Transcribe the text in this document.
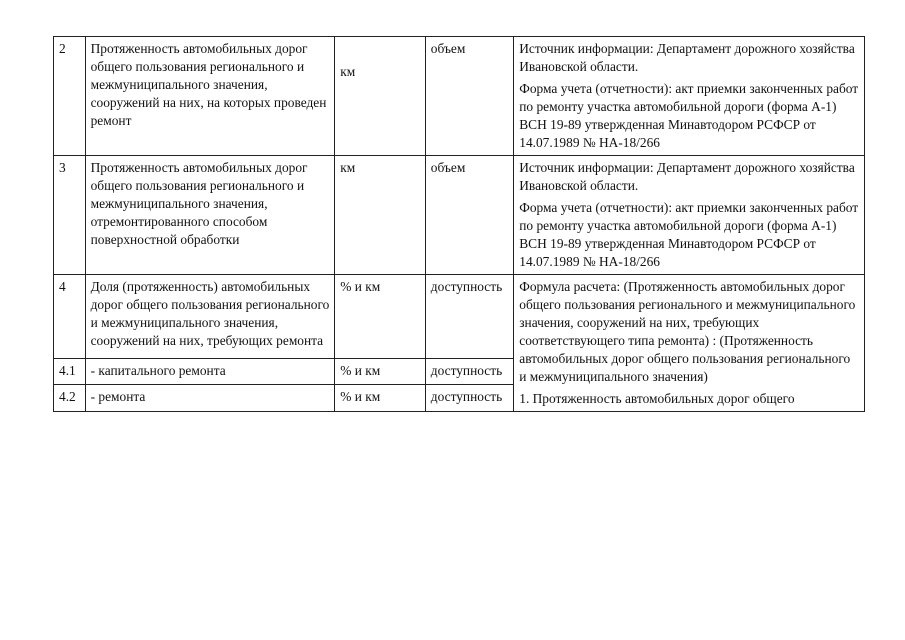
2	Протяженность автомобильных дорог общего пользования регионального и межмуниципального значения, сооружений на них, на которых проведен ремонт	км	объем	Источник информации: Департамент дорожного хозяйства Ивановской области.

Форма учета (отчетности): акт приемки законченных работ по ремонту участка автомобильной дороги (форма А-1) ВСН 19-89 утвержденная Минавтодором РСФСР от 14.07.1989 № НА-18/266

3	Протяженность автомобильных дорог общего пользования регионального и межмуниципального значения, отремонтированного способом поверхностной обработки	км	объем	Источник информации: Департамент дорожного хозяйства Ивановской области.

Форма учета (отчетности): акт приемки законченных работ по ремонту участка автомобильной дороги (форма А-1) ВСН 19-89 утвержденная Минавтодором РСФСР от 14.07.1989 № НА-18/266

4	Доля (протяженность) автомобильных дорог общего пользования регионального и межмуниципального значения, сооружений на них, требующих ремонта	% и км	доступность	Формула расчета: (Протяженность автомобильных дорог общего пользования регионального и межмуниципального значения, сооружений на них, требующих соответствующего типа ремонта) : (Протяженность автомобильных дорог общего пользования регионального и межмуниципального значения)

1. Протяженность автомобильных дорог общего

4.1	- капитального ремонта	% и км	доступность	
4.2	- ремонта	% и км	доступность	
